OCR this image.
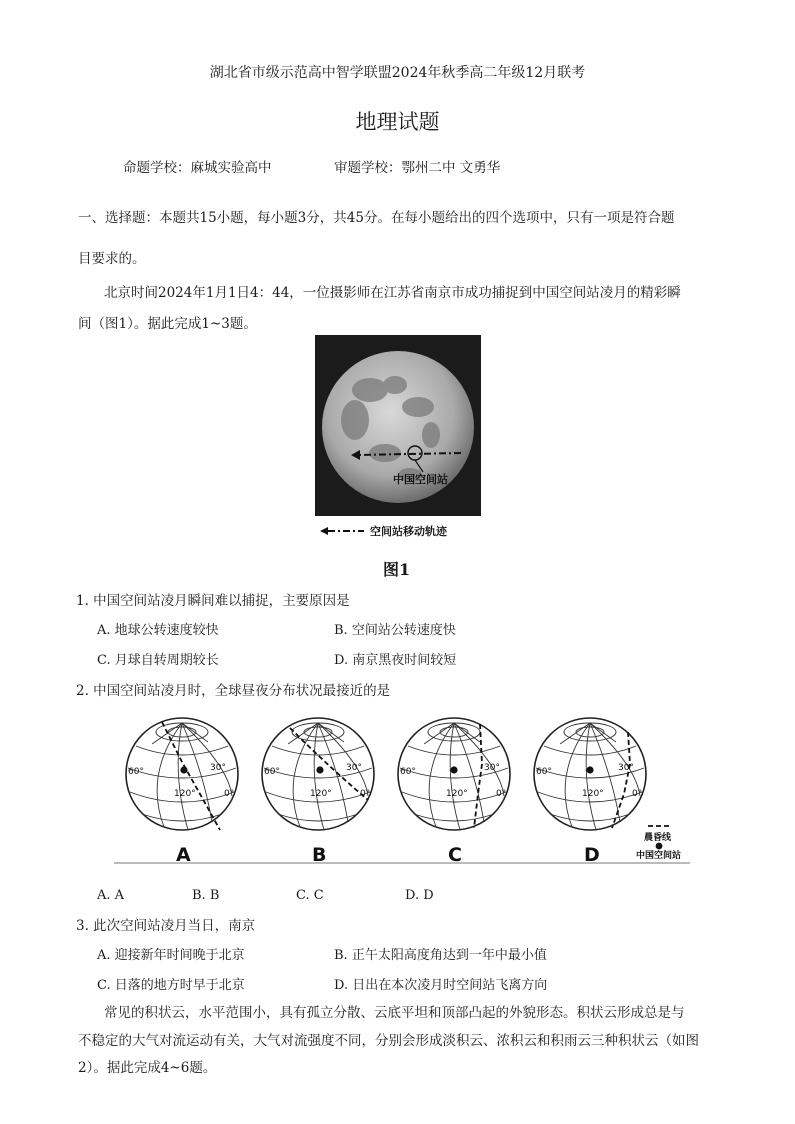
湖北省市级示范高中智学联盟2024年秋季高二年级12月联考
地理试题
命题学校：麻城实验高中	审题学校：鄂州二中 文勇华
一、选择题：本题共15小题，每小题3分，共45分。在每小题给出的四个选项中，只有一项是符合题
目要求的。
北京时间2024年1月1日4：44，一位摄影师在江苏省南京市成功捕捉到中国空间站凌月的精彩瞬
间（图1）。据此完成1~3题。
中国空间站
空间站移动轨迹
图1
1. 中国空间站凌月瞬间难以捕捉，主要原因是
A. 地球公转速度较快	B. 空间站公转速度快
C. 月球自转周期较长	D. 南京黑夜时间较短
2. 中国空间站凌月时，全球昼夜分布状况最接近的是
60°	30°
0°
120°
A
60°	30°
0°
120°
B
60°	30°
0°
120°
C
60°	30°
0°
120°
D
晨昏线
中国空间站
A. A	B. B	C. C	D. D
3. 此次空间站凌月当日，南京
A. 迎接新年时间晚于北京	B. 正午太阳高度角达到一年中最小值
C. 日落的地方时早于北京	D. 日出在本次凌月时空间站飞离方向
常见的积状云，水平范围小，具有孤立分散、云底平坦和顶部凸起的外貌形态。积状云形成总是与
不稳定的大气对流运动有关，大气对流强度不同，分别会形成淡积云、浓积云和积雨云三种积状云（如图
2）。据此完成4~6题。
